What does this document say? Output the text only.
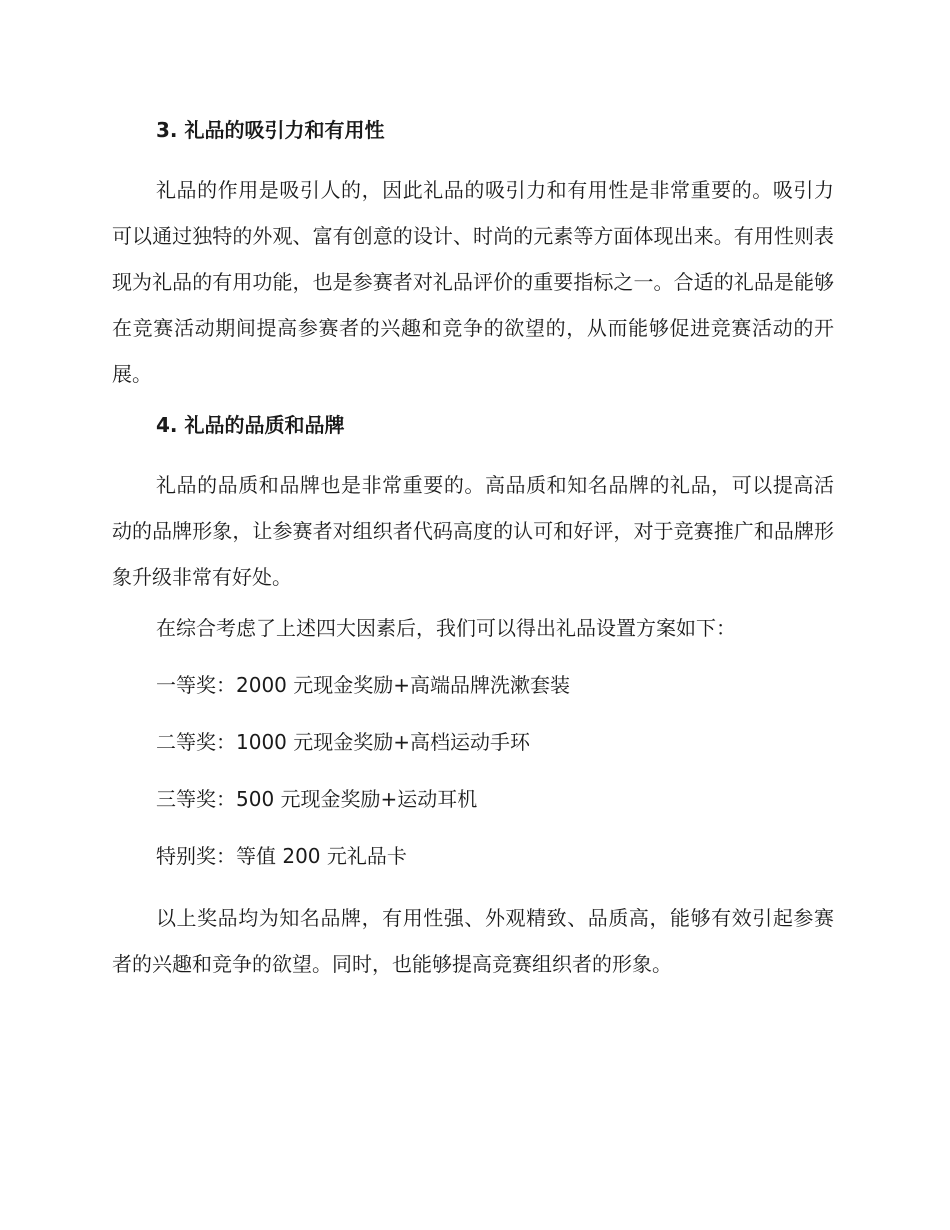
3. 礼品的吸引力和有用性

礼品的作用是吸引人的，因此礼品的吸引力和有用性是非常重要的。吸引力可以通过独特的外观、富有创意的设计、时尚的元素等方面体现出来。有用性则表现为礼品的有用功能，也是参赛者对礼品评价的重要指标之一。合适的礼品是能够在竞赛活动期间提高参赛者的兴趣和竞争的欲望的，从而能够促进竞赛活动的开展。

4. 礼品的品质和品牌

礼品的品质和品牌也是非常重要的。高品质和知名品牌的礼品，可以提高活动的品牌形象，让参赛者对组织者代码高度的认可和好评，对于竞赛推广和品牌形象升级非常有好处。

在综合考虑了上述四大因素后，我们可以得出礼品设置方案如下：
一等奖：2000 元现金奖励+高端品牌洗漱套装
二等奖：1000 元现金奖励+高档运动手环
三等奖：500 元现金奖励+运动耳机
特别奖：等值 200 元礼品卡

以上奖品均为知名品牌，有用性强、外观精致、品质高，能够有效引起参赛者的兴趣和竞争的欲望。同时，也能够提高竞赛组织者的形象。
